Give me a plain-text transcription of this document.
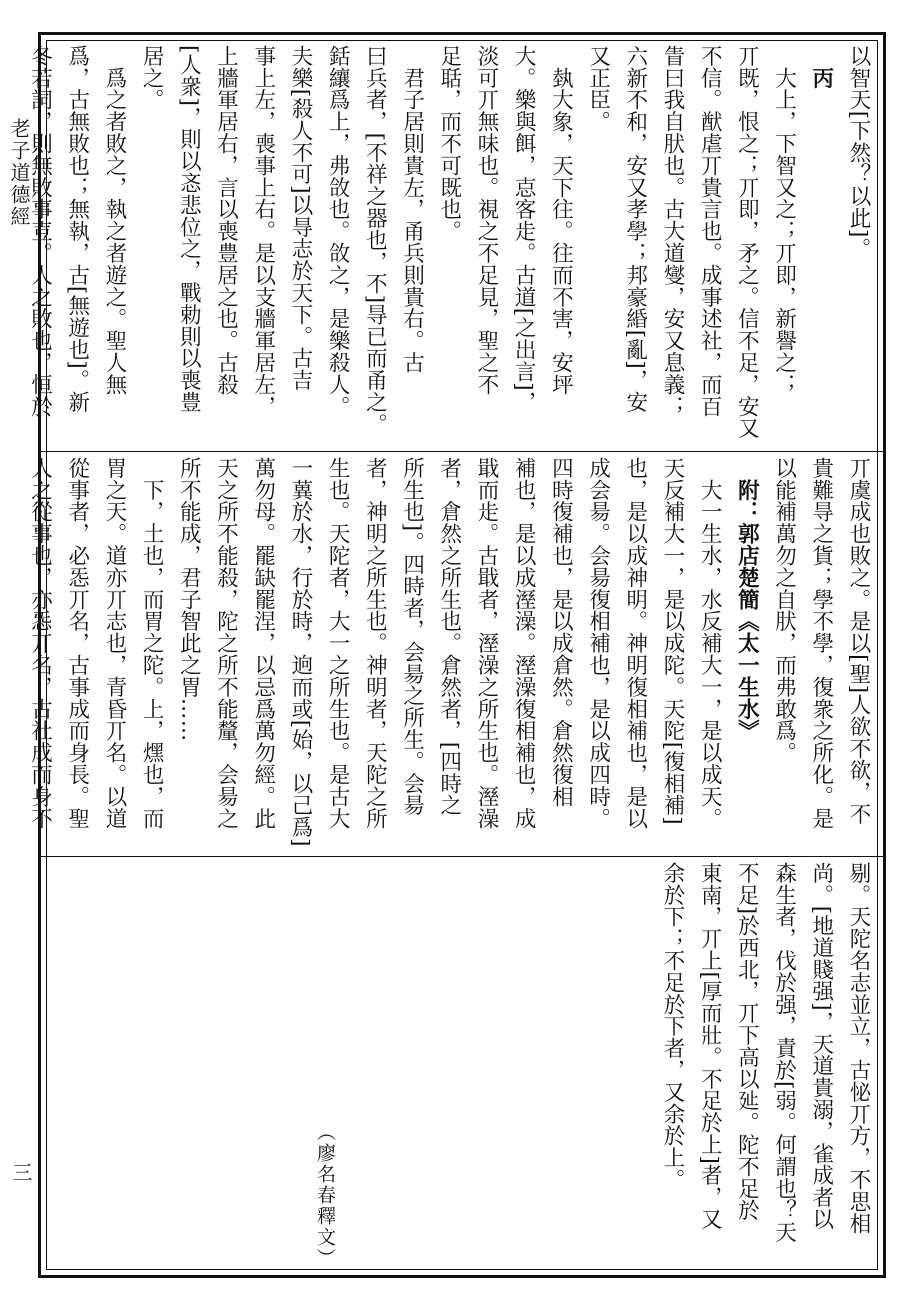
老子道德經
三
以智天[下然？以此]。
　丙
　大上，下智又之；丌即，新譽之；
丌既，恨之；丌即，矛之。信不足，安又
不信。猷虐丌貴言也。成事述社，而百
眚曰我自肰也。古大道燮，安又息義；
六新不和，安又孝學；邦豪緍[亂]，安
又正臣。
　埶大象，天下往。往而不害，安坪
大。樂與餌，怘客歨。古道[之出言]，
淡可丌無味也。視之不足見，聖之不
足聒，而不可既也。
　君子居則貴左，甬兵則貴右。古
曰兵者，[不祥之器也，不]㝵已而甬之。
銛纕爲上，弗㪉也。㪉之，是樂殺人。
夫樂[殺人不可]以㝵志於天下。古吉
事上左，喪事上右。是以支牆軍居左，
上牆軍居右，言以喪豊居之也。古殺
[人衆]，則以忞悲位之，戰勅則以喪豊
居之。
　爲之者敗之，執之者遊之。聖人無
爲，古無敗也；無執，古[無遊也]。新
冬若詞，則無敗事壴。人之敗也，恒於
丌虞成也敗之。是以[聖]人欲不欲，不
貴難㝵之貨；學不學，復衆之所化。是
以能補萬勿之自肰，而弗敢爲。
　附：郭店楚簡《太一生水》
　大一生水，水反補大一，是以成天。
天反補大一，是以成陀。天陀[復相補]
也，是以成神明。神明復相補也，是以
成会昜。会昜復相補也，是以成四時。
四時復補也，是以成倉然。倉然復相
補也，是以成溼澡。溼澡復相補也，成
戢而歨。古戢者，溼澡之所生也。溼澡
者，倉然之所生也。倉然者，[四時之
所生也]。四時者，会昜之所生。会昜
者，神明之所生也。神明者，天陀之所
生也。天陀者，大一之所生也。是古大
一䔬於水，行於時，逈而或[始，以己爲]
萬勿母。罷缺罷涅，以忌爲萬勿經。此
天之所不能殺，陀之所不能釐，会昜之
所不能成，君子智此之胃……
　下，土也，而胃之陀。上，㷵也，而
胃之天。道亦丌志也，青昏丌名。以道
從事者，必㤅丌名，古事成而身長。聖
人之從事也，亦㤅丌名，古社成而身不
剔。天陀名志並立，古怭丌方，不思相
尚。[地道賤强]，天道貴溺，雀成者以
森生者，伐於强，責於[弱。何謂也？天
不足]於西北，丌下高以㢟。陀不足於
東南，丌上[厚而壯。不足於上]者，又
余於下；不足於下者，又余於上。
（廖名春釋文）
